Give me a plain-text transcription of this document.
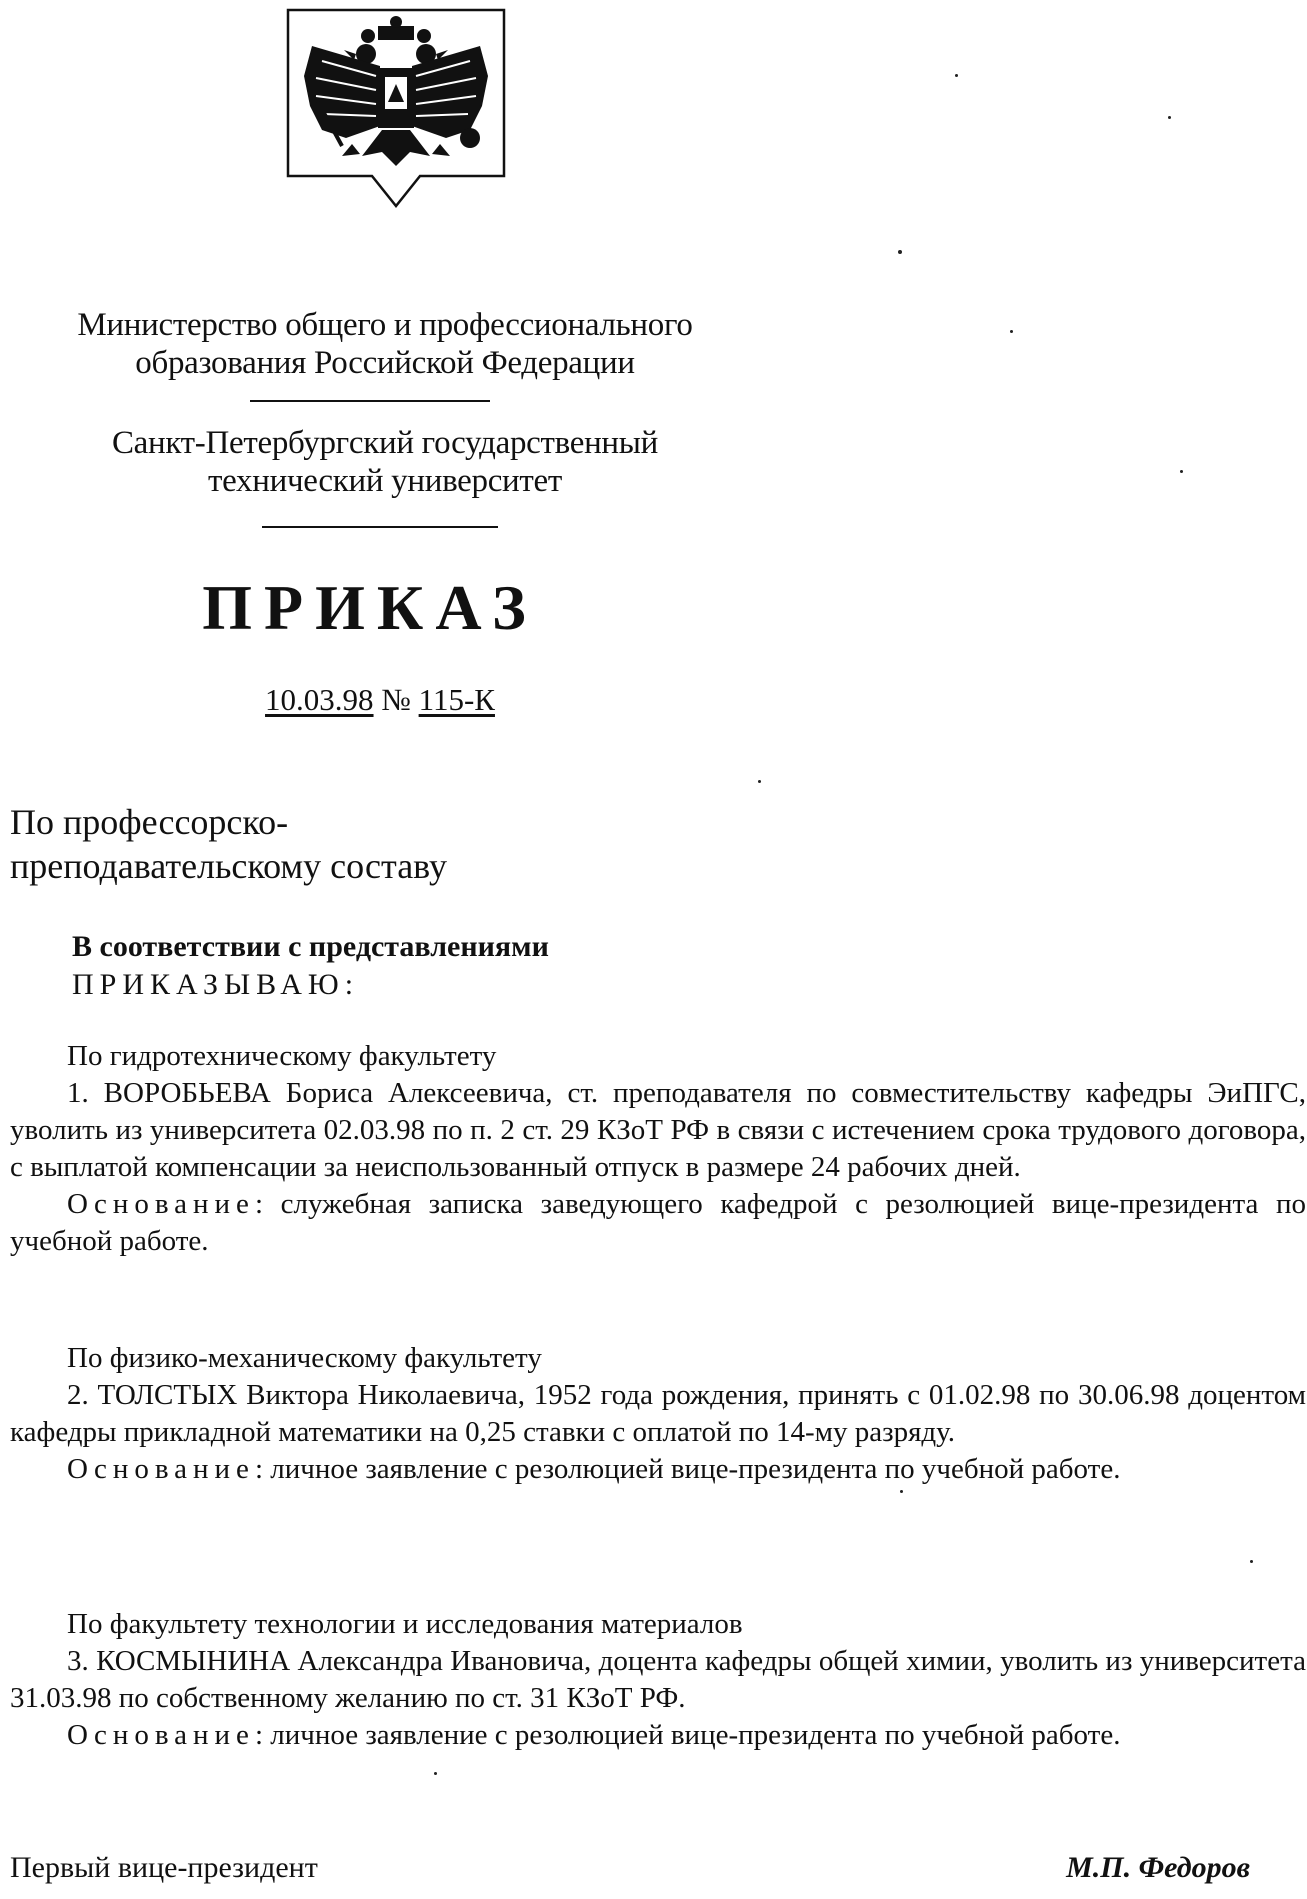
Министерство общего и профессионального
образования Российской Федерации
Санкт-Петербургский государственный
технический университет
ПРИКАЗ
10.03.98 № 115-К
По профессорско-
преподавательскому составу
В соответствии с представлениями
ПРИКАЗЫВАЮ:
По гидротехническому факультету

1. ВОРОБЬЕВА Бориса Алексеевича, ст. преподавателя по совместительству кафедры ЭиПГС, уволить из университета 02.03.98 по п. 2 ст. 29 КЗоТ РФ в связи с истечением срока трудового договора, с выплатой компенсации за неиспользованный отпуск в размере 24 рабочих дней.

Основание: служебная записка заведующего кафедрой с резолюцией вице-президента по учебной работе.

По физико-механическому факультету

2. ТОЛСТЫХ Виктора Николаевича, 1952 года рождения, принять с 01.02.98 по 30.06.98 доцентом кафедры прикладной математики на 0,25 ставки с оплатой по 14-му разряду.

Основание: личное заявление с резолюцией вице-президента по учебной работе.

По факультету технологии и исследования материалов

3. КОСМЫНИНА Александра Ивановича, доцента кафедры общей химии, уволить из университета 31.03.98 по собственному желанию по ст. 31 КЗоТ РФ.

Основание: личное заявление с резолюцией вице-президента по учебной работе.

Первый вице-президент	М.П. Федоров
